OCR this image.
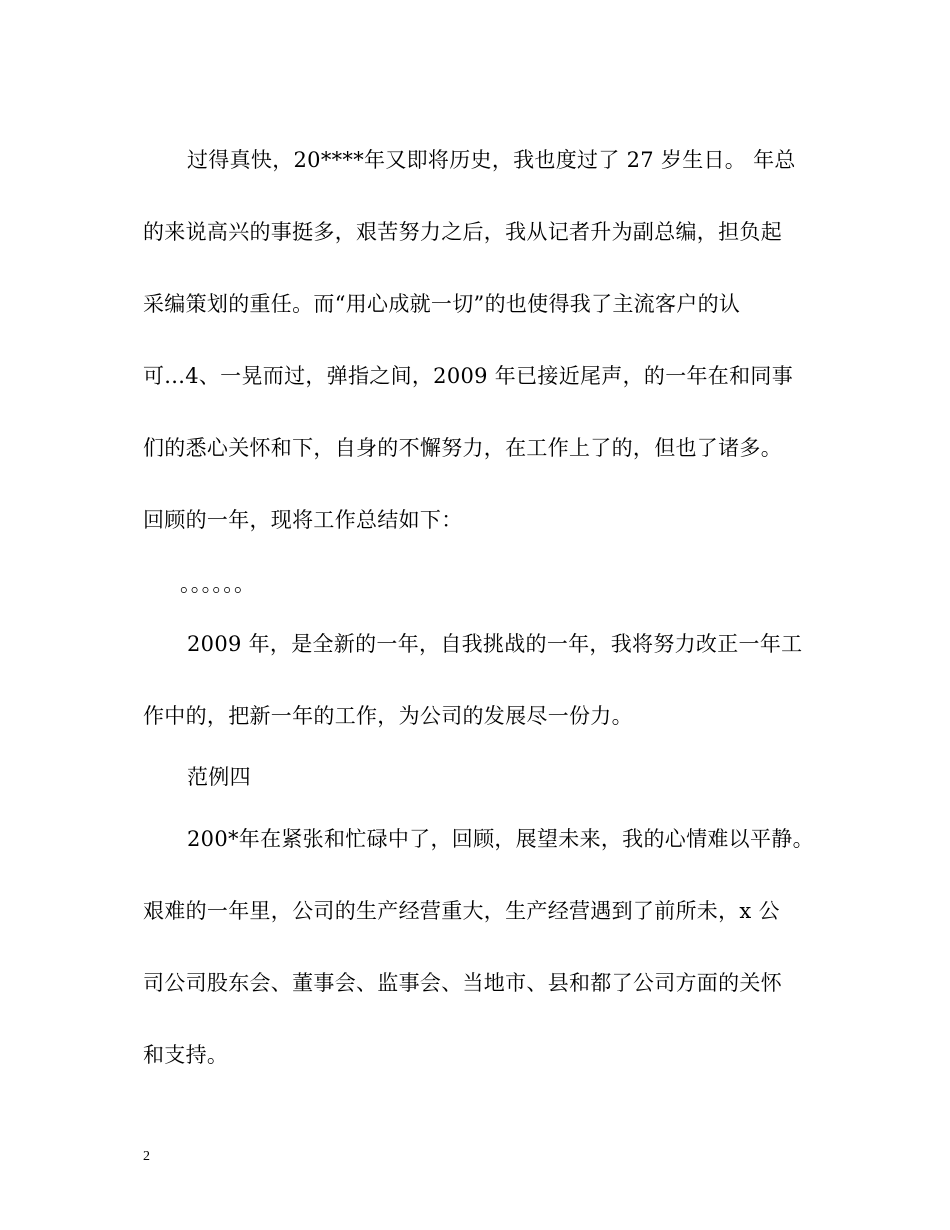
过得真快，20****年又即将历史，我也度过了 27 岁生日。 年总
的来说高兴的事挺多，艰苦努力之后，我从记者升为副总编，担负起
采编策划的重任。而“用心成就一切”的也使得我了主流客户的认
可...4、一晃而过，弹指之间，2009 年已接近尾声，的一年在和同事
们的悉心关怀和下，自身的不懈努力，在工作上了的，但也了诸多。
回顾的一年，现将工作总结如下：
。。。。。。
2009 年，是全新的一年，自我挑战的一年，我将努力改正一年工
作中的，把新一年的工作，为公司的发展尽一份力。
范例四
200*年在紧张和忙碌中了，回顾，展望未来，我的心情难以平静。
艰难的一年里，公司的生产经营重大，生产经营遇到了前所未，x 公
司公司股东会、董事会、监事会、当地市、县和都了公司方面的关怀
和支持。
2
